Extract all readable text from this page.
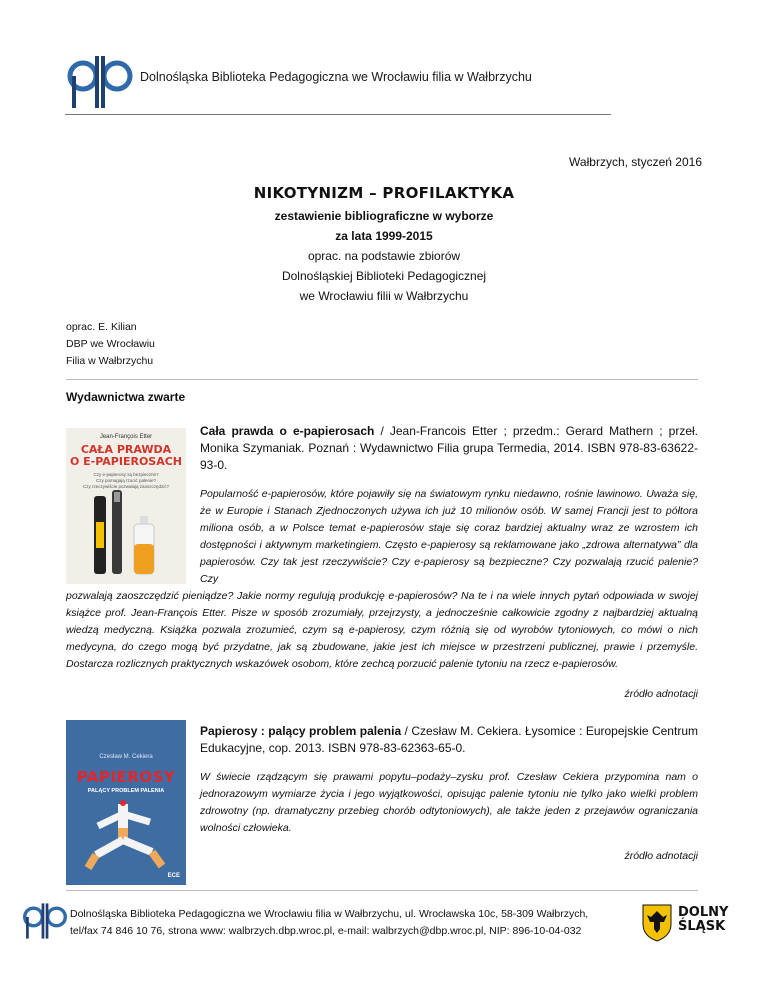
Dolnośląska Biblioteka Pedagogiczna we Wrocławiu filia w Wałbrzychu
Wałbrzych, styczeń 2016
NIKOTYNIZM – PROFILAKTYKA
zestawienie bibliograficzne w wyborze
za lata 1999-2015
oprac. na podstawie zbiorów
Dolnośląskiej Biblioteki Pedagogicznej
we Wrocławiu filii w Wałbrzychu
oprac. E. Kilian
DBP we Wrocławiu
Filia w Wałbrzychu
Wydawnictwa zwarte
Jean-François Etter
CAŁA PRAWDA
O E-PAPIEROSACH
Czy e-papierosy są bezpieczne?
Czy pomagają rzucić palenie?
Czy rzeczywiście pozwalają zaoszczędzić?
Cała prawda o e-papierosach / Jean-Francois Etter ; przedm.: Gerard Mathern ; przeł. Monika Szymaniak. Poznań : Wydawnictwo Filia grupa Termedia, 2014. ISBN 978-83-63622-93-0.
Popularność e-papierosów, które pojawiły się na światowym rynku niedawno, rośnie lawinowo. Uważa się, że w Europie i Stanach Zjednoczonych używa ich już 10 milionów osób. W samej Francji jest to półtora miliona osób, a w Polsce temat e-papierosów staje się coraz bardziej aktualny wraz ze wzrostem ich dostępności i aktywnym marketingiem. Często e-papierosy są reklamowane jako „zdrowa alternatywa” dla papierosów. Czy tak jest rzeczywiście? Czy e-papierosy są bezpieczne? Czy pozwalają rzucić palenie? Czy
pozwalają zaoszczędzić pieniądze? Jakie normy regulują produkcję e-papierosów? Na te i na wiele innych pytań odpowiada w swojej książce prof. Jean-François Etter. Pisze w sposób zrozumiały, przejrzysty, a jednocześnie całkowicie zgodny z najbardziej aktualną wiedzą medyczną. Książka pozwala zrozumieć, czym są e-papierosy, czym różnią się od wyrobów tytoniowych, co mówi o nich medycyna, do czego mogą być przydatne, jak są zbudowane, jakie jest ich miejsce w przestrzeni publicznej, prawie i przemyśle. Dostarcza rozlicznych praktycznych wskazówek osobom, które zechcą porzucić palenie tytoniu na rzecz e-papierosów.
źródło adnotacji
Czesław M. Cekiera
PAPIEROSY
PALĄCY PROBLEM PALENIA
ECE
Papierosy : palący problem palenia / Czesław M. Cekiera. Łysomice : Europejskie Centrum Edukacyjne, cop. 2013. ISBN 978-83-62363-65-0.
W świecie rządzącym się prawami popytu–podaży–zysku prof. Czesław Cekiera przypomina nam o jednorazowym wymiarze życia i jego wyjątkowości, opisując palenie tytoniu nie tylko jako wielki problem zdrowotny (np. dramatyczny przebieg chorób odtytoniowych), ale także jeden z przejawów ograniczania wolności człowieka.
źródło adnotacji
Dolnośląska Biblioteka Pedagogiczna we Wrocławiu filia w Wałbrzychu, ul. Wrocławska 10c, 58-309 Wałbrzych,
tel/fax 74 846 10 76, strona www: walbrzych.dbp.wroc.pl, e-mail: walbrzych@dbp.wroc.pl, NIP: 896-10-04-032
DOLNY
ŚLĄSK
